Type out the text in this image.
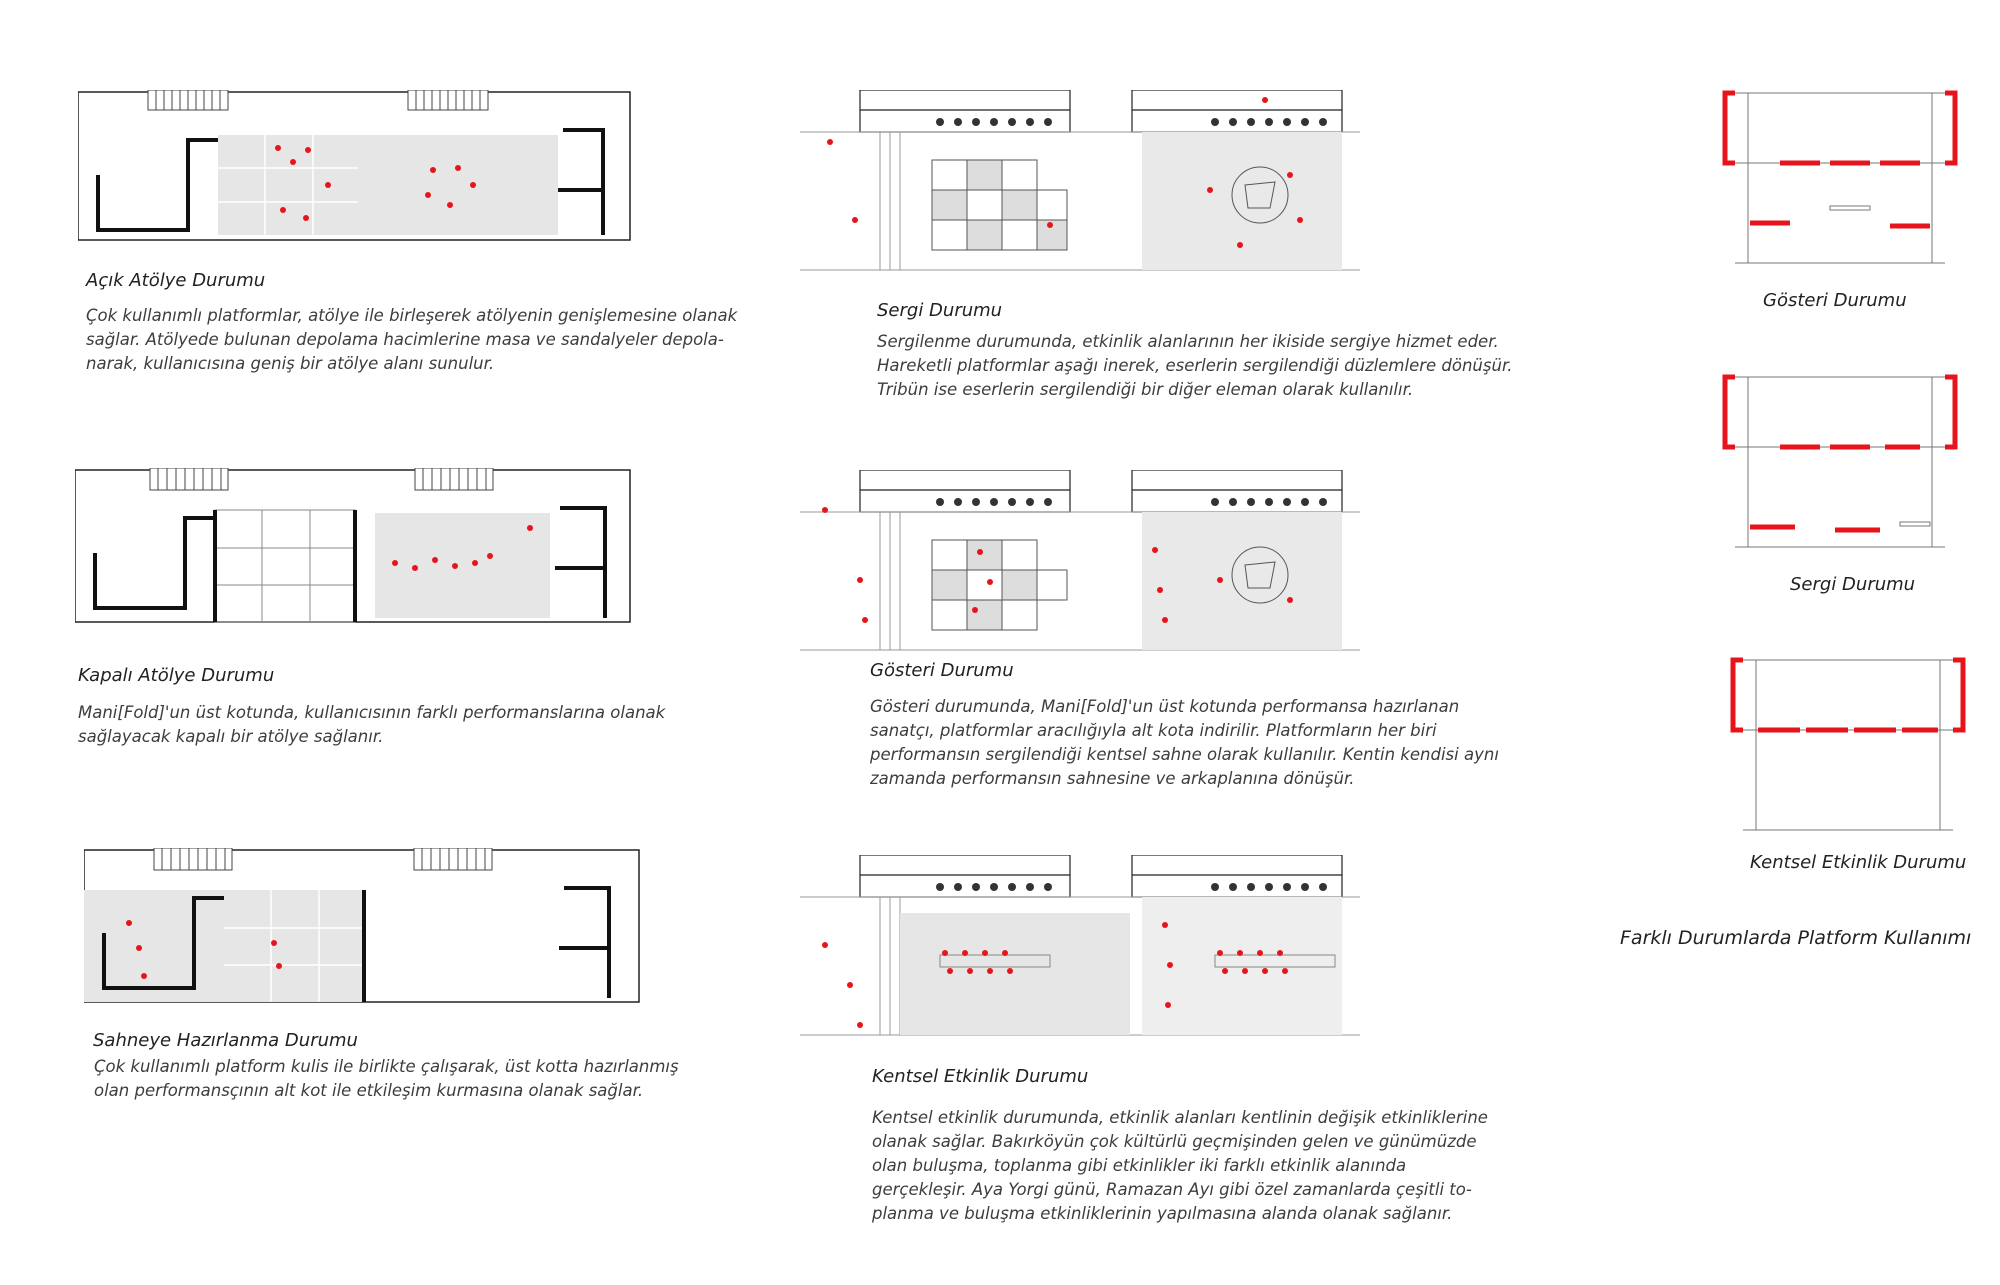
Açık Atölye Durumu
Çok kullanımlı platformlar, atölye ile birleşerek atölyenin genişlemesine olanak
sağlar. Atölyede bulunan depolama hacimlerine masa ve sandalyeler depola-
narak, kullanıcısına geniş bir atölye alanı sunulur.
Kapalı Atölye Durumu
Mani[Fold]'un üst kotunda, kullanıcısının farklı performanslarına olanak
sağlayacak kapalı bir atölye sağlanır.
Sahneye Hazırlanma Durumu
Çok kullanımlı platform kulis ile birlikte çalışarak, üst kotta hazırlanmış
olan performansçının alt kot ile etkileşim kurmasına olanak sağlar.
Sergi Durumu
Sergilenme durumunda, etkinlik alanlarının her ikiside sergiye hizmet eder.
Hareketli platformlar aşağı inerek, eserlerin sergilendiği düzlemlere dönüşür.
Tribün ise eserlerin sergilendiği bir diğer eleman olarak kullanılır.
Gösteri Durumu
Gösteri durumunda, Mani[Fold]'un üst kotunda performansa hazırlanan
sanatçı, platformlar aracılığıyla alt kota indirilir. Platformların her biri
performansın sergilendiği kentsel sahne olarak kullanılır. Kentin kendisi aynı
zamanda performansın sahnesine ve arkaplanına dönüşür.
Kentsel Etkinlik Durumu
Kentsel etkinlik durumunda, etkinlik alanları kentlinin değişik etkinliklerine
olanak sağlar. Bakırköyün çok kültürlü geçmişinden gelen ve günümüzde
olan buluşma, toplanma gibi etkinlikler iki farklı etkinlik alanında
gerçekleşir. Aya Yorgi günü, Ramazan Ayı gibi özel zamanlarda çeşitli to-
planma ve buluşma etkinliklerinin yapılmasına alanda olanak sağlanır.
Gösteri Durumu
Sergi Durumu
Kentsel Etkinlik Durumu
Farklı Durumlarda Platform Kullanımı
